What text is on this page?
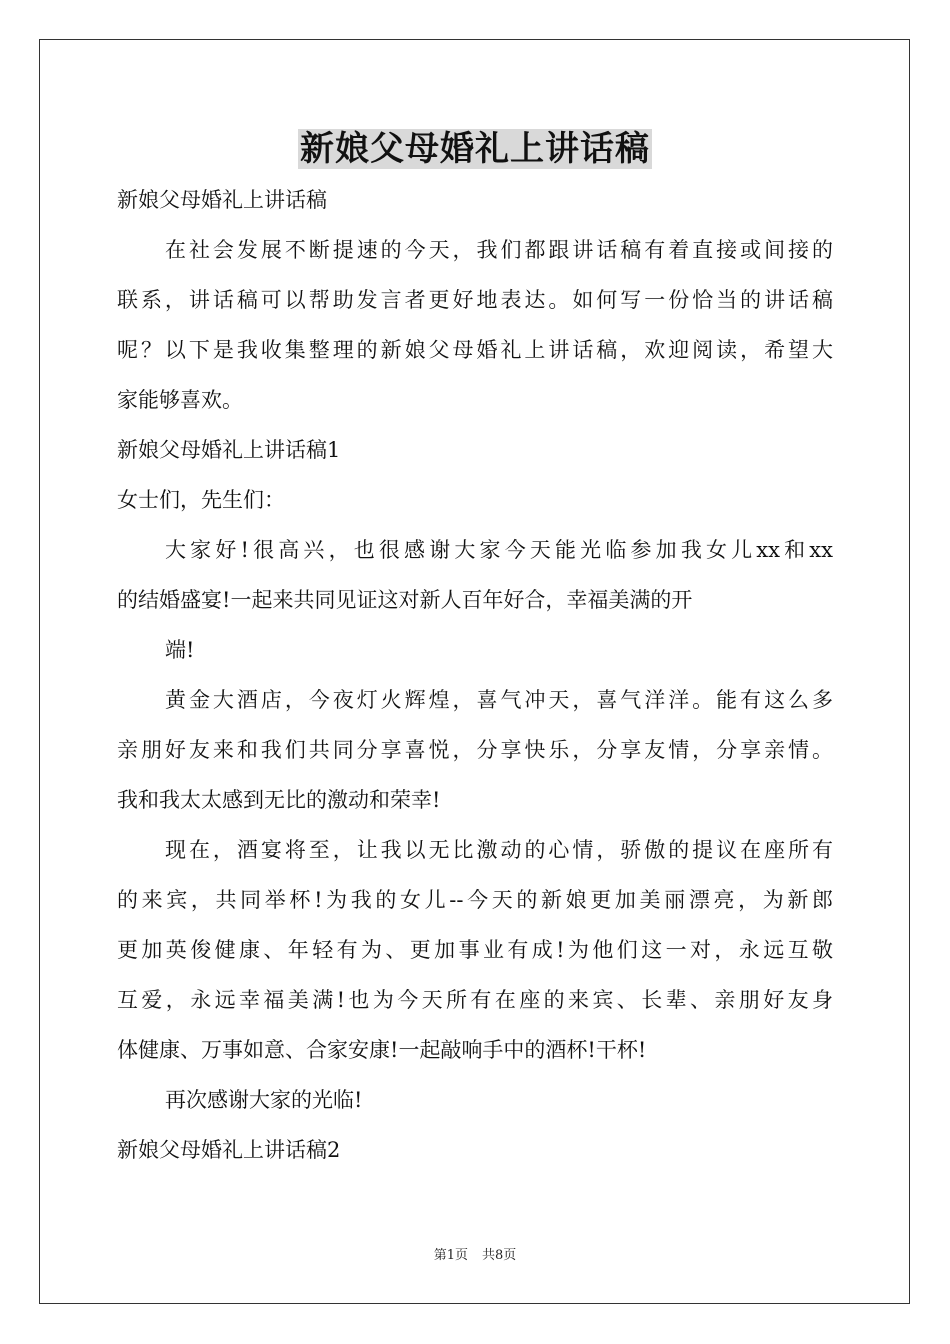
新娘父母婚礼上讲话稿
新娘父母婚礼上讲话稿
在社会发展不断提速的今天，我们都跟讲话稿有着直接或间接的
联系，讲话稿可以帮助发言者更好地表达。如何写一份恰当的讲话稿
呢？以下是我收集整理的新娘父母婚礼上讲话稿，欢迎阅读，希望大
家能够喜欢。
新娘父母婚礼上讲话稿1
女士们，先生们：
大家好!很高兴，也很感谢大家今天能光临参加我女儿xx和xx
的结婚盛宴!一起来共同见证这对新人百年好合，幸福美满的开
端!
黄金大酒店，今夜灯火辉煌，喜气冲天，喜气洋洋。能有这么多
亲朋好友来和我们共同分享喜悦，分享快乐，分享友情，分享亲情。
我和我太太感到无比的激动和荣幸!
现在，酒宴将至，让我以无比激动的心情，骄傲的提议在座所有
的来宾，共同举杯!为我的女儿--今天的新娘更加美丽漂亮，为新郎
更加英俊健康、年轻有为、更加事业有成!为他们这一对，永远互敬
互爱，永远幸福美满!也为今天所有在座的来宾、长辈、亲朋好友身
体健康、万事如意、合家安康!一起敲响手中的酒杯!干杯!
再次感谢大家的光临!
新娘父母婚礼上讲话稿2
第1页 共8页
